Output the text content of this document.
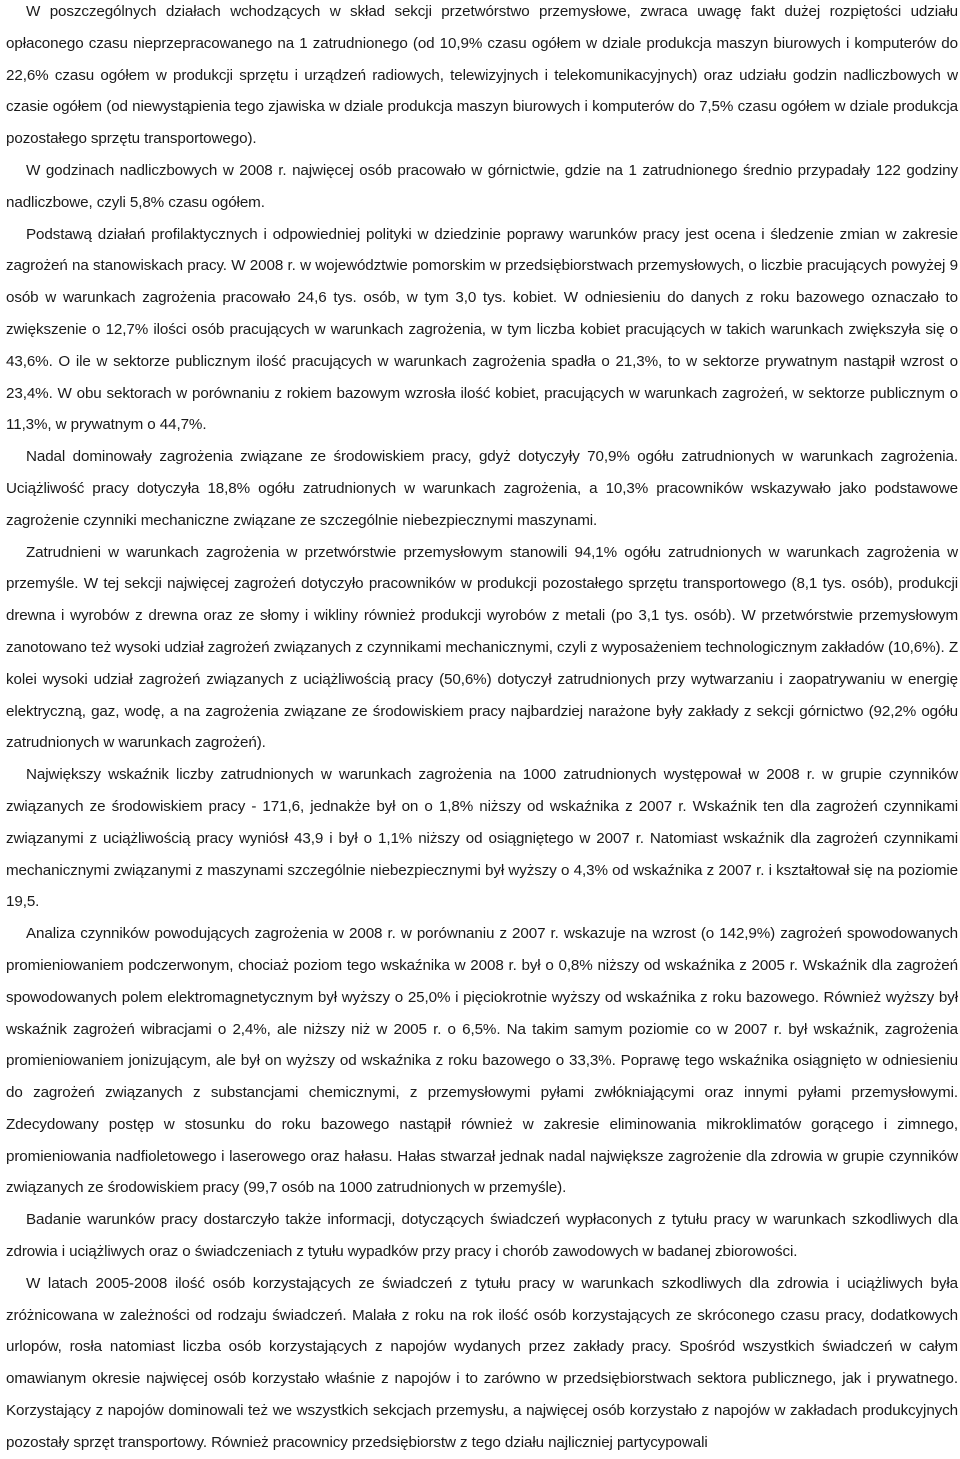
W poszczególnych działach wchodzących w skład sekcji przetwórstwo przemysłowe, zwraca uwagę fakt dużej rozpiętości udziału opłaconego czasu nieprzepracowanego na 1 zatrudnionego (od 10,9% czasu ogółem w dziale produkcja maszyn biurowych i komputerów do 22,6% czasu ogółem w produkcji sprzętu i urządzeń radiowych, telewizyjnych i telekomunikacyjnych) oraz udziału godzin nadliczbowych w czasie ogółem (od niewystąpienia tego zjawiska w dziale produkcja maszyn biurowych i komputerów do 7,5% czasu ogółem w dziale produkcja pozostałego sprzętu transportowego).

W godzinach nadliczbowych w 2008 r. najwięcej osób pracowało w górnictwie, gdzie na 1 zatrudnionego średnio przypadały 122 godziny nadliczbowe, czyli 5,8% czasu ogółem.

Podstawą działań profilaktycznych i odpowiedniej polityki w dziedzinie poprawy warunków pracy jest ocena i śledzenie zmian w zakresie zagrożeń na stanowiskach pracy. W 2008 r. w województwie pomorskim w przedsiębiorstwach przemysłowych, o liczbie pracujących powyżej 9 osób w warunkach zagrożenia pracowało 24,6 tys. osób, w tym 3,0 tys. kobiet. W odniesieniu do danych z roku bazowego oznaczało to zwiększenie o 12,7% ilości osób pracujących w warunkach zagrożenia, w tym liczba kobiet pracujących w takich warunkach zwiększyła się o 43,6%. O ile w sektorze publicznym ilość pracujących w warunkach zagrożenia spadła o 21,3%, to w sektorze prywatnym nastąpił wzrost o 23,4%. W obu sektorach w porównaniu z rokiem bazowym wzrosła ilość kobiet, pracujących w warunkach zagrożeń, w sektorze publicznym o 11,3%, w prywatnym o 44,7%.

Nadal dominowały zagrożenia związane ze środowiskiem pracy, gdyż dotyczyły 70,9% ogółu zatrudnionych w warunkach zagrożenia. Uciążliwość pracy dotyczyła 18,8% ogółu zatrudnionych w warunkach zagrożenia, a 10,3% pracowników wskazywało jako podstawowe zagrożenie czynniki mechaniczne związane ze szczególnie niebezpiecznymi maszynami.

Zatrudnieni w warunkach zagrożenia w przetwórstwie przemysłowym stanowili 94,1% ogółu zatrudnionych w warunkach zagrożenia w przemyśle. W tej sekcji najwięcej zagrożeń dotyczyło pracowników w produkcji pozostałego sprzętu transportowego (8,1 tys. osób), produkcji drewna i wyrobów z drewna oraz ze słomy i wikliny również produkcji wyrobów z metali (po 3,1 tys. osób). W przetwórstwie przemysłowym zanotowano też wysoki udział zagrożeń związanych z czynnikami mechanicznymi, czyli z wyposażeniem technologicznym zakładów (10,6%). Z kolei wysoki udział zagrożeń związanych z uciążliwością pracy (50,6%) dotyczył zatrudnionych przy wytwarzaniu i zaopatrywaniu w energię elektryczną, gaz, wodę, a na zagrożenia związane ze środowiskiem pracy najbardziej narażone były zakłady z sekcji górnictwo (92,2% ogółu zatrudnionych w warunkach zagrożeń).

Największy wskaźnik liczby zatrudnionych w warunkach zagrożenia na 1000 zatrudnionych występował w 2008 r. w grupie czynników związanych ze środowiskiem pracy - 171,6, jednakże był on o 1,8% niższy od wskaźnika z 2007 r. Wskaźnik ten dla zagrożeń czynnikami związanymi z uciążliwością pracy wyniósł 43,9 i był o 1,1% niższy od osiągniętego w 2007 r. Natomiast wskaźnik dla zagrożeń czynnikami mechanicznymi związanymi z maszynami szczególnie niebezpiecznymi był wyższy o 4,3% od wskaźnika z 2007 r. i kształtował się na poziomie 19,5.

Analiza czynników powodujących zagrożenia w 2008 r. w porównaniu z 2007 r. wskazuje na wzrost (o 142,9%) zagrożeń spowodowanych promieniowaniem podczerwonym, chociaż poziom tego wskaźnika w 2008 r. był o 0,8% niższy od wskaźnika z 2005 r. Wskaźnik dla zagrożeń spowodowanych polem elektromagnetycznym był wyższy o 25,0% i pięciokrotnie wyższy od wskaźnika z roku bazowego. Również wyższy był wskaźnik zagrożeń wibracjami o 2,4%, ale niższy niż w 2005 r. o 6,5%. Na takim samym poziomie co w 2007 r. był wskaźnik, zagrożenia promieniowaniem jonizującym, ale był on wyższy od wskaźnika z roku bazowego o 33,3%. Poprawę tego wskaźnika osiągnięto w odniesieniu do zagrożeń związanych z substancjami chemicznymi, z przemysłowymi pyłami zwłókniającymi oraz innymi pyłami przemysłowymi. Zdecydowany postęp w stosunku do roku bazowego nastąpił również w zakresie eliminowania mikroklimatów gorącego i zimnego, promieniowania nadfioletowego i laserowego oraz hałasu. Hałas stwarzał jednak nadal największe zagrożenie dla zdrowia w grupie czynników związanych ze środowiskiem pracy (99,7 osób na 1000 zatrudnionych w przemyśle).

Badanie warunków pracy dostarczyło także informacji, dotyczących świadczeń wypłaconych z tytułu pracy w warunkach szkodliwych dla zdrowia i uciążliwych oraz o świadczeniach z tytułu wypadków przy pracy i chorób zawodowych w badanej zbiorowości.

W latach 2005-2008 ilość osób korzystających ze świadczeń z tytułu pracy w warunkach szkodliwych dla zdrowia i uciążliwych była zróżnicowana w zależności od rodzaju świadczeń. Malała z roku na rok ilość osób korzystających ze skróconego czasu pracy, dodatkowych urlopów, rosła natomiast liczba osób korzystających z napojów wydanych przez zakłady pracy. Spośród wszystkich świadczeń w całym omawianym okresie najwięcej osób korzystało właśnie z napojów i to zarówno w przedsiębiorstwach sektora publicznego, jak i prywatnego. Korzystający z napojów dominowali też we wszystkich sekcjach przemysłu, a najwięcej osób korzystało z napojów w zakładach produkcyjnych pozostały sprzęt transportowy. Również pracownicy przedsiębiorstw z tego działu najliczniej partycypowali
